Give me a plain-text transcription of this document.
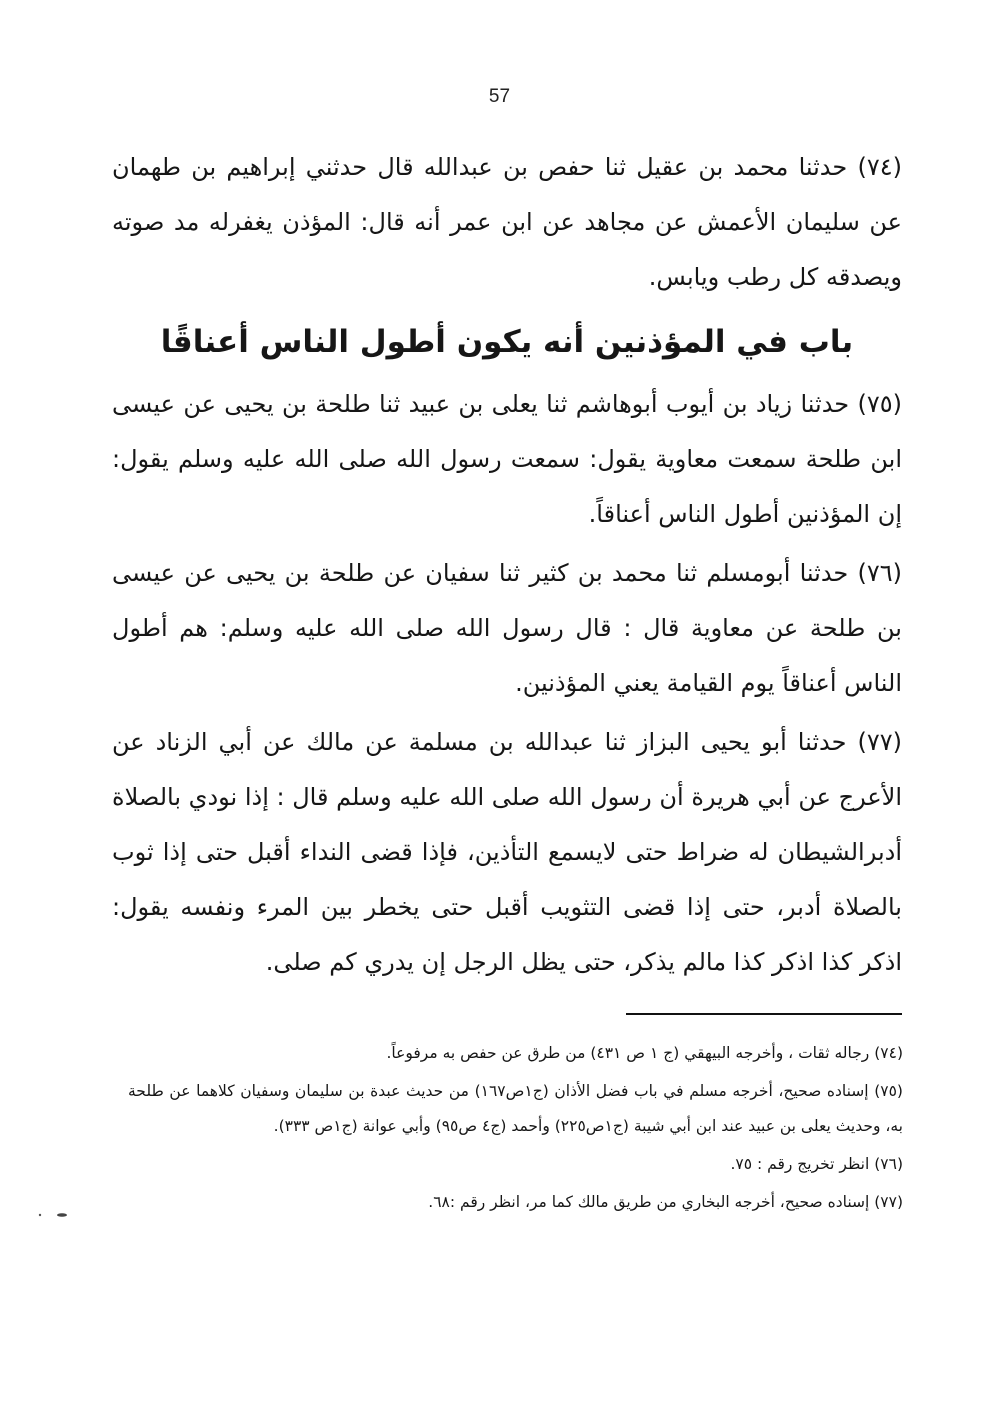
57

(٧٤) حدثنا محمد بن عقيل ثنا حفص بن عبدالله قال حدثني إبراهيم بن طهمان عن سليمان الأعمش عن مجاهد عن ابن عمر أنه قال: المؤذن يغفرله مد صوته ويصدقه كل رطب ويابس.

باب في المؤذنين أنه يكون أطول الناس أعناقًا

(٧٥) حدثنا زياد بن أيوب أبوهاشم ثنا يعلى بن عبيد ثنا طلحة بن يحيى عن عيسى ابن طلحة سمعت معاوية يقول: سمعت رسول الله صلى الله عليه وسلم يقول: إن المؤذنين أطول الناس أعناقاً.

(٧٦) حدثنا أبومسلم ثنا محمد بن كثير ثنا سفيان عن طلحة بن يحيى عن عيسى بن طلحة عن معاوية قال : قال رسول الله صلى الله عليه وسلم: هم أطول الناس أعناقاً يوم القيامة يعني المؤذنين.

(٧٧) حدثنا أبو يحيى البزاز ثنا عبدالله بن مسلمة عن مالك عن أبي الزناد عن الأعرج عن أبي هريرة أن رسول الله صلى الله عليه وسلم قال : إذا نودي بالصلاة أدبرالشيطان له ضراط حتى لايسمع التأذين، فإذا قضى النداء أقبل حتى إذا ثوب بالصلاة أدبر، حتى إذا قضى التثويب أقبل حتى يخطر بين المرء ونفسه يقول: اذكر كذا اذكر كذا مالم يذكر، حتى يظل الرجل إن يدري كم صلى.

(٧٤) رجاله ثقات ، وأخرجه البيهقي (ج ١ ص ٤٣١) من طرق عن حفص به مرفوعاً.

(٧٥) إسناده صحيح، أخرجه مسلم في باب فضل الأذان (ج١ص١٦٧) من حديث عبدة بن سليمان وسفيان كلاهما عن طلحة به، وحديث يعلى بن عبيد عند ابن أبي شيبة (ج١ص٢٢٥) وأحمد (ج٤ ص٩٥) وأبي عوانة (ج١ص ٣٣٣).

(٧٦) انظر تخريج رقم : ٧٥.

(٧٧) إسناده صحيح، أخرجه البخاري من طريق مالك كما مر، انظر رقم :٦٨.
